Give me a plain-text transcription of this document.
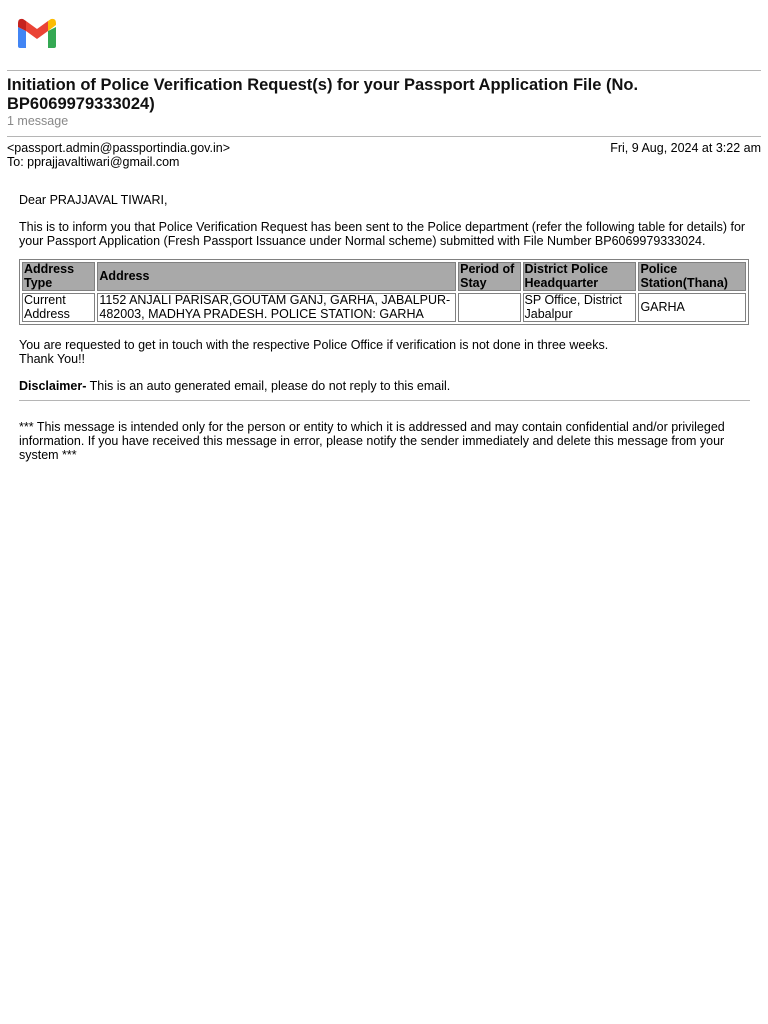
Initiation of Police Verification Request(s) for your Passport Application File (No. BP6069979333024)
1 message
<passport.admin@passportindia.gov.in>	Fri, 9 Aug, 2024 at 3:22 am
To: pprajjavaltiwari@gmail.com

Dear PRAJJAVAL TIWARI,

This is to inform you that Police Verification Request has been sent to the Police department (refer the following table for details) for your Passport Application (Fresh Passport Issuance under Normal scheme) submitted with File Number BP6069979333024.

Address Type	Address	Period of Stay	District Police Headquarter	Police Station(Thana)
Current Address	1152 ANJALI PARISAR,GOUTAM GANJ, GARHA, JABALPUR-482003, MADHYA PRADESH. POLICE STATION: GARHA		SP Office, District Jabalpur	GARHA

You are requested to get in touch with the respective Police Office if verification is not done in three weeks.
Thank You!!

Disclaimer- This is an auto generated email, please do not reply to this email.

*** This message is intended only for the person or entity to which it is addressed and may contain confidential and/or privileged information. If you have received this message in error, please notify the sender immediately and delete this message from your system ***
